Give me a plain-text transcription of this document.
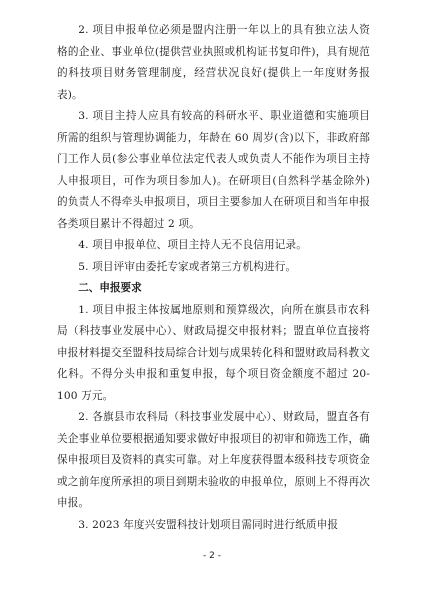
2. 项目申报单位必须是盟内注册一年以上的具有独立法人资格的企业、事业单位(提供营业执照或机构证书复印件)，具有规范的科技项目财务管理制度，经营状况良好(提供上一年度财务报表)。

3. 项目主持人应具有较高的科研水平、职业道德和实施项目所需的组织与管理协调能力，年龄在 60 周岁(含)以下，非政府部门工作人员(参公事业单位法定代表人或负责人不能作为项目主持人申报项目，可作为项目参加人)。在研项目(自然科学基金除外)的负责人不得牵头申报项目，项目主要参加人在研项目和当年申报各类项目累计不得超过 2 项。

4. 项目申报单位、项目主持人无不良信用记录。

5. 项目评审由委托专家或者第三方机构进行。

二、申报要求

1. 项目申报主体按属地原则和预算级次，向所在旗县市农科局（科技事业发展中心）、财政局提交申报材料；盟直单位直接将申报材料提交至盟科技局综合计划与成果转化科和盟财政局科教文化科。不得分头申报和重复申报，每个项目资金额度不超过 20-100 万元。

2. 各旗县市农科局（科技事业发展中心）、财政局，盟直各有关企事业单位要根据通知要求做好申报项目的初审和筛选工作，确保申报项目及资料的真实可靠。对上年度获得盟本级科技专项资金或之前年度所承担的项目到期未验收的申报单位，原则上不得再次申报。

3. 2023 年度兴安盟科技计划项目需同时进行纸质申报

- 2 -
